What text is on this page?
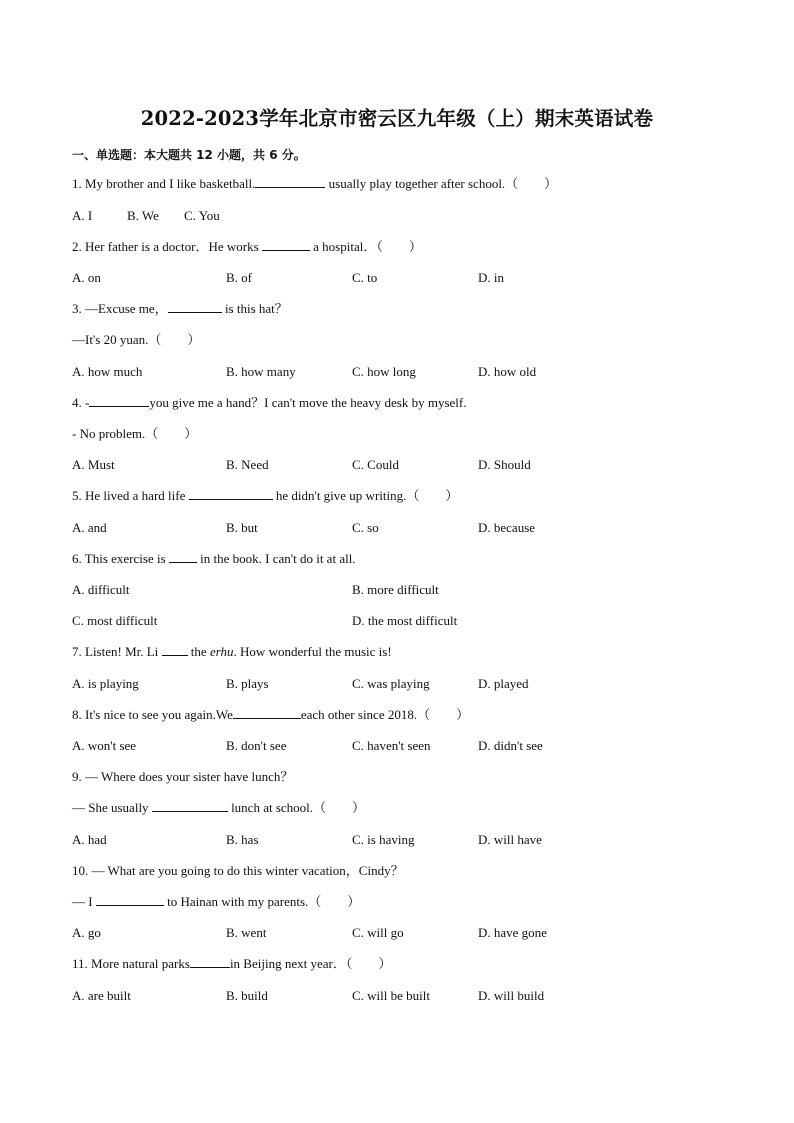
2022-2023学年北京市密云区九年级（上）期末英语试卷
一、单选题：本大题共 12 小题，共 6 分。
1. My brother and I like basketball.	usually play together after school.（　　）
A. I	B. We C. You
2. Her father is a doctor．He works	a hospital．（　　）
A. on	B. of	C. to	D. in
3. —Excuse me，	is this hat？
—It's 20 yuan.（　　）
A. how much	B. how many	C. how long	D. how old
4. -	you give me a hand？I can't move the heavy desk by myself.
- No problem.（　　）
A. Must	B. Need	C. Could	D. Should
5. He lived a hard life	he didn't give up writing.（　　）
A. and	B. but	C. so	D. because
6. This exercise is  in the book. I can't do it at all.
A. difficult	B. more difficult
C. most difficult	D. the most difficult
7. Listen! Mr. Li  the erhu. How wonderful the music is!
A. is playing	B. plays	C. was playing	D. played
8. It's nice to see you again.We	each other since 2018.（　　）
A. won't see	B. don't see	C. haven't seen	D. didn't see
9. — Where does your sister have lunch？
— She usually	lunch at school.（　　）
A. had	B. has	C. is having	D. will have
10. — What are you going to do this winter vacation，Cindy？
— I	to Hainan with my parents.（　　）
A. go	B. went	C. will go	D. have gone
11. More natural parks	in Beijing next year．（　　）
A. are built	B. build	C. will be built	D. will build
